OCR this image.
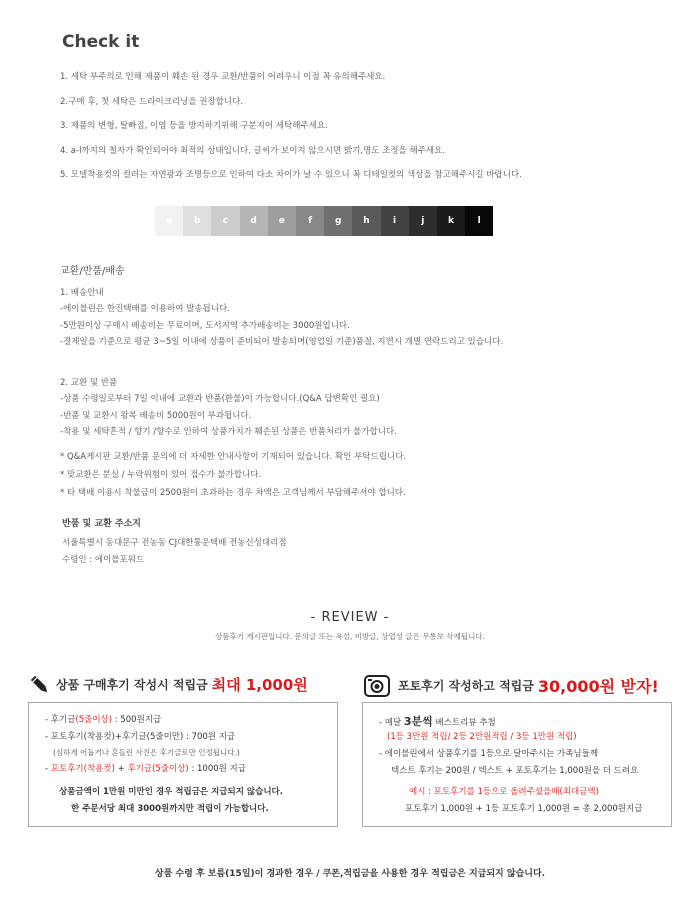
Check it
1. 세탁 부주의로 인해 제품이 훼손 된 경우 교환/반품이 어려우니 이점 꼭 유의해주세요.
2.구매 후, 첫 세탁은 드라이크리닝을 권장합니다.
3. 제품의 변형, 탈빠짐, 이염 등을 방지하기위해 구분지어 세탁해주세요.
4. a-l까지의 철자가 확인되어야 최적의 상태입니다. 글씨가 보이지 않으시면 밝기,명도 조정을 해주세요.
5. 모델착용컷의 컬러는 자연광과 조명등으로 인하여 다소 차이가 날 수 있으니 꼭 디테일컷의 색상을 참고해주시길 바랍니다.
a	b	c	d	e	f	g	h	i	j	k	l
교환/반품/배송
1. 배송안내
-에이블린은 한진택배를 이용하여 발송됩니다.
-5만원이상 구매시 배송비는 무료이며, 도서지역 추가배송비는 3000원입니다.
-결제일을 기준으로 평균 3~5일 이내에 상품이 준비되어 발송되며(영업일 기준)품절, 지연시 개별 연락드리고 있습니다.
2. 교환 및 반품
-상품 수령일로부터 7일 이내에 교환과 반품(환불)이 가능합니다.(Q&A 답변확인 필요)
-반품 및 교환시 왕복 배송비 5000원이 부과됩니다.
-착용 및 세탁흔적 / 향기 /향수로 인하여 상품가치가 훼손된 상품은 반품처리가 불가합니다.
* Q&A게시판 교환/반품 문의에 더 자세한 안내사항이 기재되어 있습니다. 확인 부탁드립니다.
* 맞교환은 분실 / 누락위험이 있어 접수가 불가합니다.
* 타 택배 이용시 착불금이 2500원이 초과하는 경우 차액은 고객님께서 부담해주셔야 합니다.
반품 및 교환 주소지
서울특별시 동대문구 전농동 CJ대한통운택배 전농신성대리점
수령인 : 에이블포워드
- REVIEW -
상품후기 게시판입니다. 문의글 또는 욕설, 비방글, 상업성 글은 무통보 삭제됩니다.
상품 구매후기 작성시 적립금 최대 1,000원	포토후기 작성하고 적립금 30,000원 받자!
- 후기글(5줄이상) : 500원지급
- 포토후기(착용컷)+후기글(5줄미만) : 700원 지급
(심하게 어둡거나 흔들린 사진은 후기글로만 인정됩니다.)
- 포토후기(착용컷) + 후기글(5줄이상) : 1000원 지급
상품금액이 1만원 미만인 경우 적립금은 지급되지 않습니다.
한 주문서당 최대 3000원까지만 적립이 가능합니다.
- 매달 3분씩 베스트리뷰 추첨
(1등 3만원 적립/ 2등 2만원적립 / 3등 1만원 적립)
- 에이블린에서 상품후기를 1등으로 달아주시는 가족님들께
텍스트 후기는 200원 / 텍스트 + 포토후기는 1,000원을 더 드려요
예시 : 포토후기를 1등으로 올려주셨을때(최대금액)
포토후기 1,000원 + 1등 포토후기 1,000원 = 총 2,000원지급
상품 수령 후 보름(15일)이 경과한 경우 / 쿠폰,적립금을 사용한 경우 적립금은 지급되지 않습니다.
